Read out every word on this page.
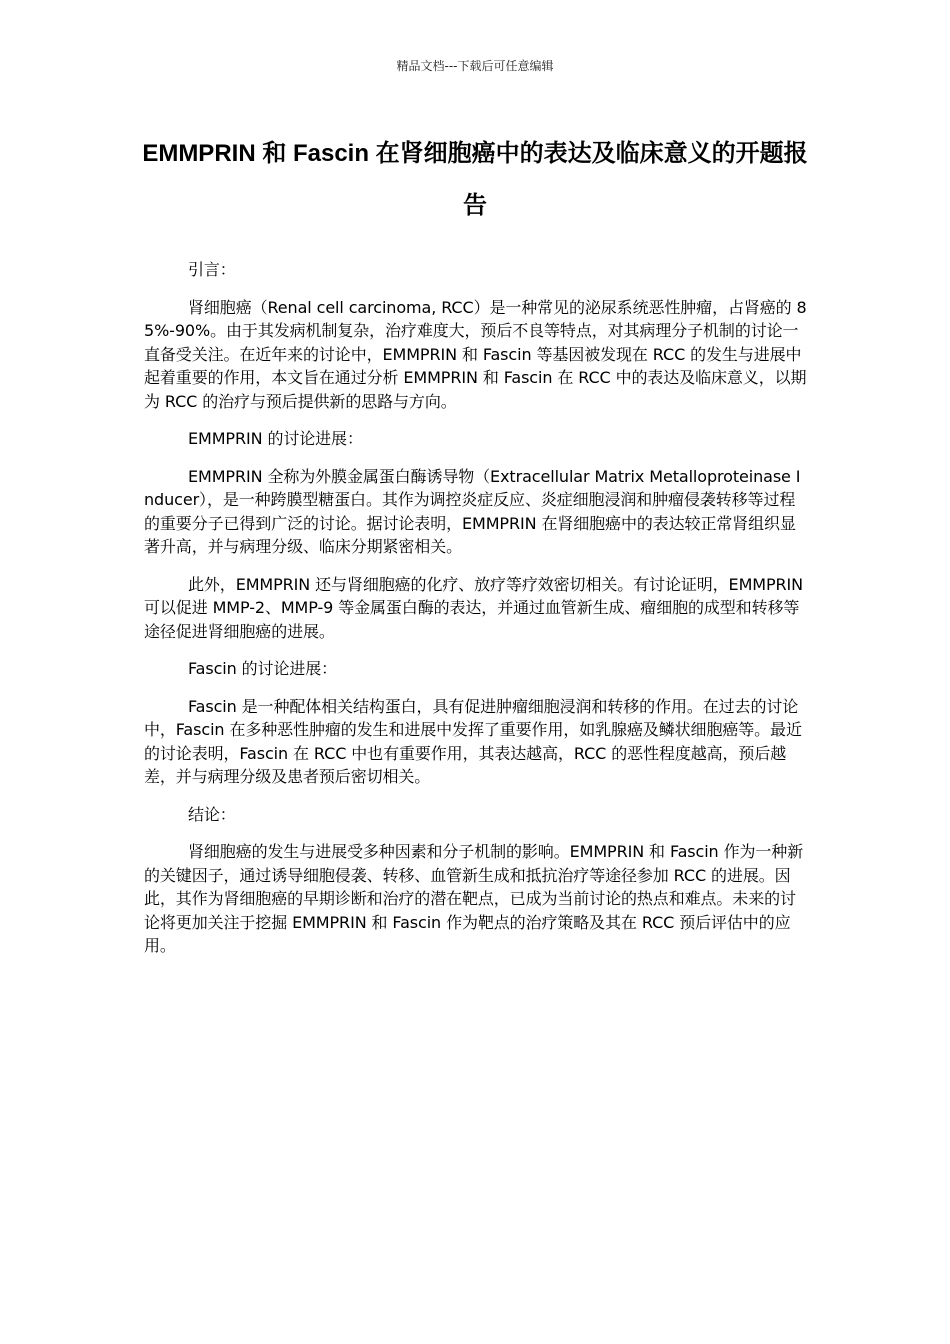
精品文档---下载后可任意编辑
EMMPRIN 和 Fascin 在肾细胞癌中的表达及临床意义的开题报告

引言：

肾细胞癌（Renal cell carcinoma, RCC）是一种常见的泌尿系统恶性肿瘤，占肾癌的 85%-90%。由于其发病机制复杂，治疗难度大，预后不良等特点，对其病理分子机制的讨论一直备受关注。在近年来的讨论中，EMMPRIN 和 Fascin 等基因被发现在 RCC 的发生与进展中起着重要的作用，本文旨在通过分析 EMMPRIN 和 Fascin 在 RCC 中的表达及临床意义，以期为 RCC 的治疗与预后提供新的思路与方向。

EMMPRIN 的讨论进展：

EMMPRIN 全称为外膜金属蛋白酶诱导物（Extracellular Matrix Metalloproteinase Inducer），是一种跨膜型糖蛋白。其作为调控炎症反应、炎症细胞浸润和肿瘤侵袭转移等过程的重要分子已得到广泛的讨论。据讨论表明，EMMPRIN 在肾细胞癌中的表达较正常肾组织显著升高，并与病理分级、临床分期紧密相关。

此外，EMMPRIN 还与肾细胞癌的化疗、放疗等疗效密切相关。有讨论证明，EMMPRIN 可以促进 MMP-2、MMP-9 等金属蛋白酶的表达，并通过血管新生成、瘤细胞的成型和转移等途径促进肾细胞癌的进展。

Fascin 的讨论进展：

Fascin 是一种配体相关结构蛋白，具有促进肿瘤细胞浸润和转移的作用。在过去的讨论中，Fascin 在多种恶性肿瘤的发生和进展中发挥了重要作用，如乳腺癌及鳞状细胞癌等。最近的讨论表明，Fascin 在 RCC 中也有重要作用，其表达越高，RCC 的恶性程度越高，预后越差，并与病理分级及患者预后密切相关。

结论：

肾细胞癌的发生与进展受多种因素和分子机制的影响。EMMPRIN 和 Fascin 作为一种新的关键因子，通过诱导细胞侵袭、转移、血管新生成和抵抗治疗等途径参加 RCC 的进展。因此，其作为肾细胞癌的早期诊断和治疗的潜在靶点，已成为当前讨论的热点和难点。未来的讨论将更加关注于挖掘 EMMPRIN 和 Fascin 作为靶点的治疗策略及其在 RCC 预后评估中的应用。
